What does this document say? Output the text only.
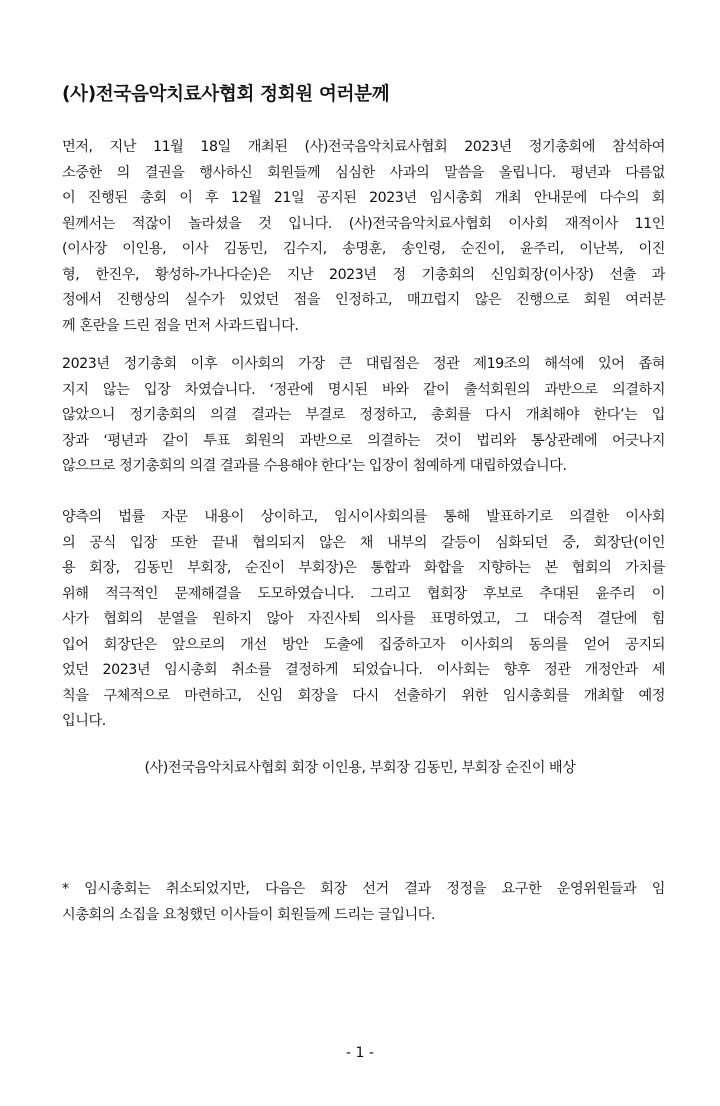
(사)전국음악치료사협회 정회원 여러분께
먼저, 지난 11월 18일 개최된 (사)전국음악치료사협회 2023년 정기총회에 참석하여
소중한 의 결권을 행사하신 회원들께 심심한 사과의 말씀을 올립니다. 평년과 다름없
이 진행된 총회 이 후 12월 21일 공지된 2023년 임시총회 개최 안내문에 다수의 회
원께서는 적잖이 놀라셨을 것 입니다. (사)전국음악치료사협회 이사회 재적이사 11인
(이사장 이인용, 이사 김동민, 김수지, 송명훈, 송인령, 순진이, 윤주리, 이난복, 이진
형, 한진우, 황성하-가나다순)은 지난 2023년 정 기총회의 신임회장(이사장) 선출 과
정에서 진행상의 실수가 있었던 점을 인정하고, 매끄럽지 않은 진행으로 회원 여러분
께 혼란을 드린 점을 먼저 사과드립니다.
2023년 정기총회 이후 이사회의 가장 큰 대립점은 정관 제19조의 해석에 있어 좁혀
지지 않는 입장 차였습니다. ‘정관에 명시된 바와 같이 출석회원의 과반으로 의결하지
않았으니 정기총회의 의결 결과는 부결로 정정하고, 총회를 다시 개최해야 한다’는 입
장과 ‘평년과 같이 투표 회원의 과반으로 의결하는 것이 법리와 통상관례에 어긋나지
않으므로 정기총회의 의결 결과를 수용해야 한다’는 입장이 첨예하게 대립하였습니다.
양측의 법률 자문 내용이 상이하고, 임시이사회의를 통해 발표하기로 의결한 이사회
의 공식 입장 또한 끝내 협의되지 않은 채 내부의 갈등이 심화되던 중, 회장단(이인
용 회장, 김동민 부회장, 순진이 부회장)은 통합과 화합을 지향하는 본 협회의 가치를
위해 적극적인 문제해결을 도모하였습니다. 그리고 협회장 후보로 추대된 윤주리 이
사가 협회의 분열을 원하지 않아 자진사퇴 의사를 표명하였고, 그 대승적 결단에 힘
입어 회장단은 앞으로의 개선 방안 도출에 집중하고자 이사회의 동의를 얻어 공지되
었던 2023년 임시총회 취소를 결정하게 되었습니다. 이사회는 향후 정관 개정안과 세
칙을 구체적으로 마련하고, 신임 회장을 다시 선출하기 위한 임시총회를 개최할 예정
입니다.
(사)전국음악치료사협회 회장 이인용, 부회장 김동민, 부회장 순진이 배상
* 임시총회는 취소되었지만, 다음은 회장 선거 결과 정정을 요구한 운영위원들과 임
시총회의 소집을 요청했던 이사들이 회원들께 드리는 글입니다.
- 1 -
